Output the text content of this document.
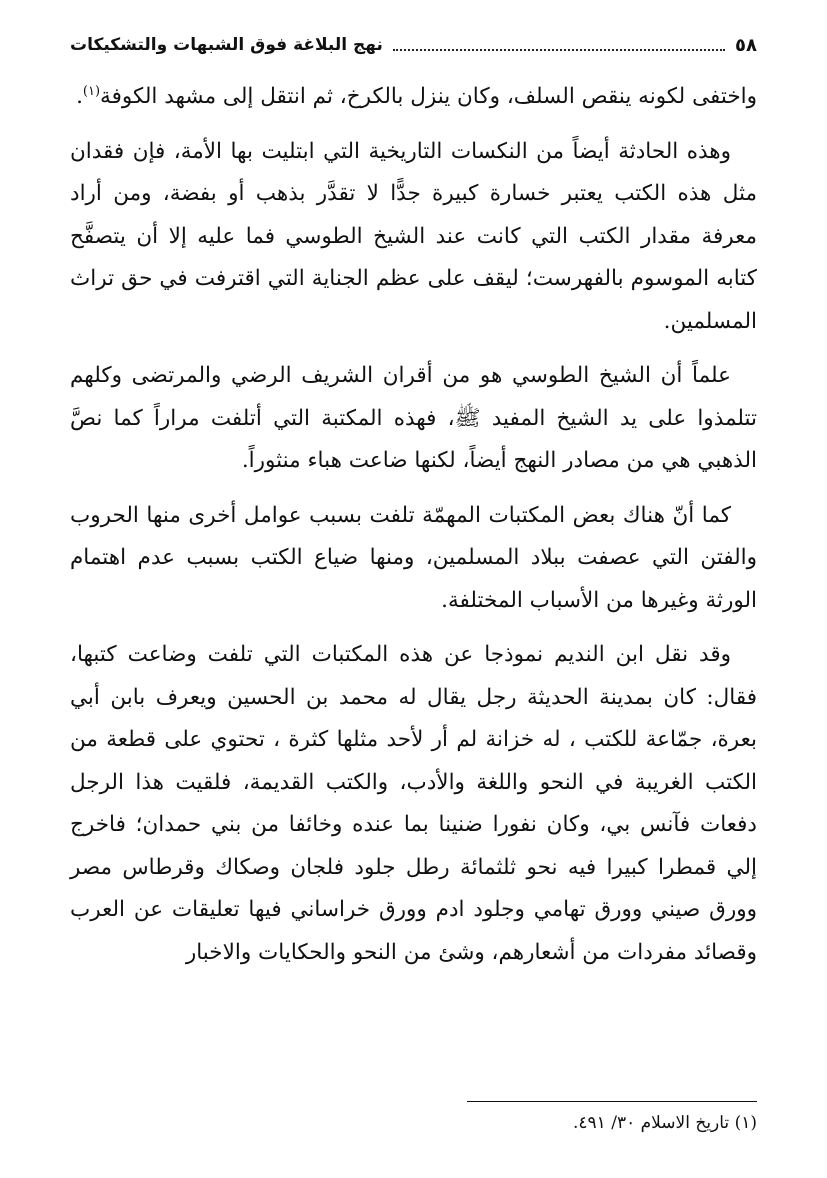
٥٨
نهج البلاغة فوق الشبهات والتشكيكات

واختفى لكونه ينقص السلف، وكان ينزل بالكرخ، ثم انتقل إلى مشهد الكوفة$^{(١)}$.

وهذه الحادثة أيضاً من النكسات التاريخية التي ابتليت بها الأمة، فإن فقدان مثل هذه الكتب يعتبر خسارة كبيرة جدًّا لا تقدَّر بذهب أو بفضة، ومن أراد معرفة مقدار الكتب التي كانت عند الشيخ الطوسي فما عليه إلا أن يتصفَّح كتابه الموسوم بالفهرست؛ ليقف على عظم الجناية التي اقترفت في حق تراث المسلمين.

علماً أن الشيخ الطوسي هو من أقران الشريف الرضي والمرتضى وكلهم تتلمذوا على يد الشيخ المفيد ﷺ، فهذه المكتبة التي أتلفت مراراً كما نصَّ الذهبي هي من مصادر النهج أيضاً، لكنها ضاعت هباء منثوراً.

كما أنّ هناك بعض المكتبات المهمّة تلفت بسبب عوامل أخرى منها الحروب والفتن التي عصفت ببلاد المسلمين، ومنها ضياع الكتب بسبب عدم اهتمام الورثة وغيرها من الأسباب المختلفة.

وقد نقل ابن النديم نموذجا عن هذه المكتبات التي تلفت وضاعت كتبها، فقال: كان بمدينة الحديثة رجل يقال له محمد بن الحسين ويعرف بابن أبي بعرة، جمّاعة للكتب ، له خزانة لم أر لأحد مثلها كثرة ، تحتوي على قطعة من الكتب الغريبة في النحو واللغة والأدب، والكتب القديمة، فلقيت هذا الرجل دفعات فآنس بي، وكان نفورا ضنينا بما عنده وخائفا من بني حمدان؛ فاخرج إلي قمطرا كبيرا فيه نحو ثلثمائة رطل جلود فلجان وصكاك وقرطاس مصر وورق صيني وورق تهامي وجلود ادم وورق خراساني فيها تعليقات عن العرب وقصائد مفردات من أشعارهم، وشئ من النحو والحكايات والاخبار

(١) تاريخ الاسلام ٣٠/ ٤٩١.
